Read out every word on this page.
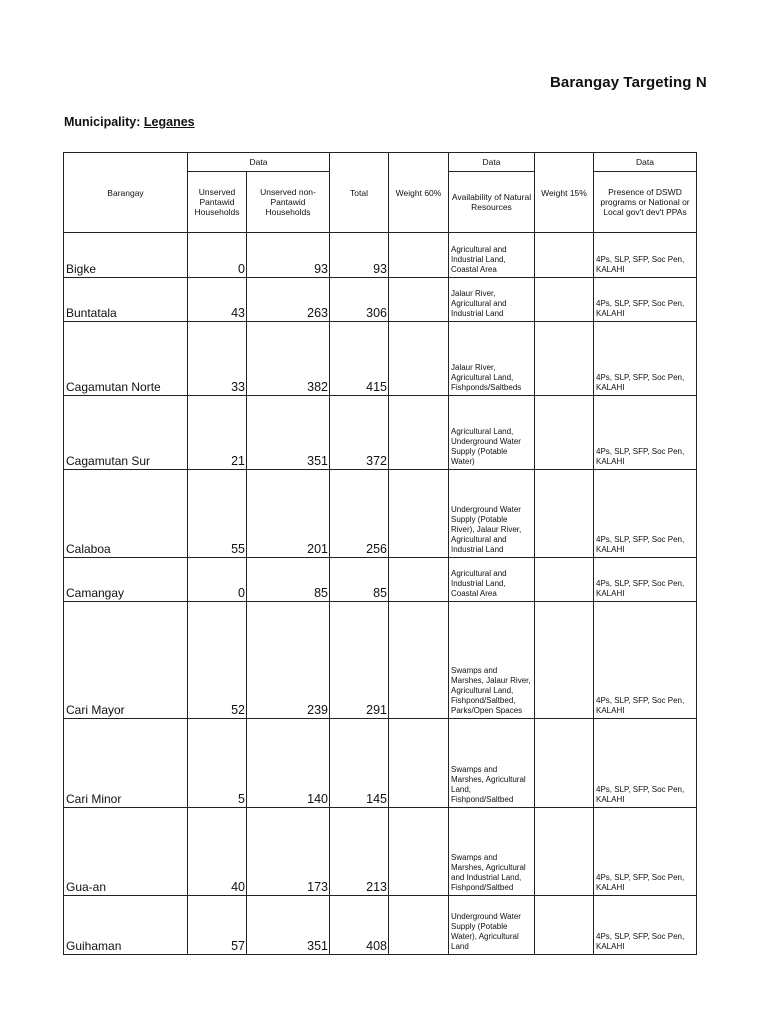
Barangay Targeting N
Municipality: Leganes
Barangay	Data		Total	Weight 60%	Data	Weight 15%	Data
	Unserved Pantawid Households	Unserved non-Pantawid Households			Availability of Natural Resources		Presence of DSWD programs or National or Local gov't dev't PPAs
Bigke	0	93	93		Agricultural and Industrial Land, Coastal Area		4Ps, SLP, SFP, Soc Pen, KALAHI
Buntatala	43	263	306		Jalaur River, Agricultural and Industrial Land		4Ps, SLP, SFP, Soc Pen, KALAHI
Cagamutan Norte	33	382	415		Jalaur River, Agricultural Land, Fishponds/Saltbeds		4Ps, SLP, SFP, Soc Pen, KALAHI
Cagamutan Sur	21	351	372		Agricultural Land, Underground Water Supply (Potable Water)		4Ps, SLP, SFP, Soc Pen, KALAHI
Calaboa	55	201	256		Underground Water Supply (Potable River), Jalaur River, Agricultural and Industrial Land		4Ps, SLP, SFP, Soc Pen, KALAHI
Camangay	0	85	85		Agricultural and Industrial Land, Coastal Area		4Ps, SLP, SFP, Soc Pen, KALAHI
Cari Mayor	52	239	291		Swamps and Marshes, Jalaur River, Agricultural Land, Fishpond/Saltbed, Parks/Open Spaces		4Ps, SLP, SFP, Soc Pen, KALAHI
Cari Minor	5	140	145		Swamps and Marshes, Agricultural Land, Fishpond/Saltbed		4Ps, SLP, SFP, Soc Pen, KALAHI
Gua-an	40	173	213		Swamps and Marshes, Agricultural and Industrial Land, Fishpond/Saltbed		4Ps, SLP, SFP, Soc Pen, KALAHI
Guihaman	57	351	408		Underground Water Supply (Potable Water), Agricultural Land		4Ps, SLP, SFP, Soc Pen, KALAHI
